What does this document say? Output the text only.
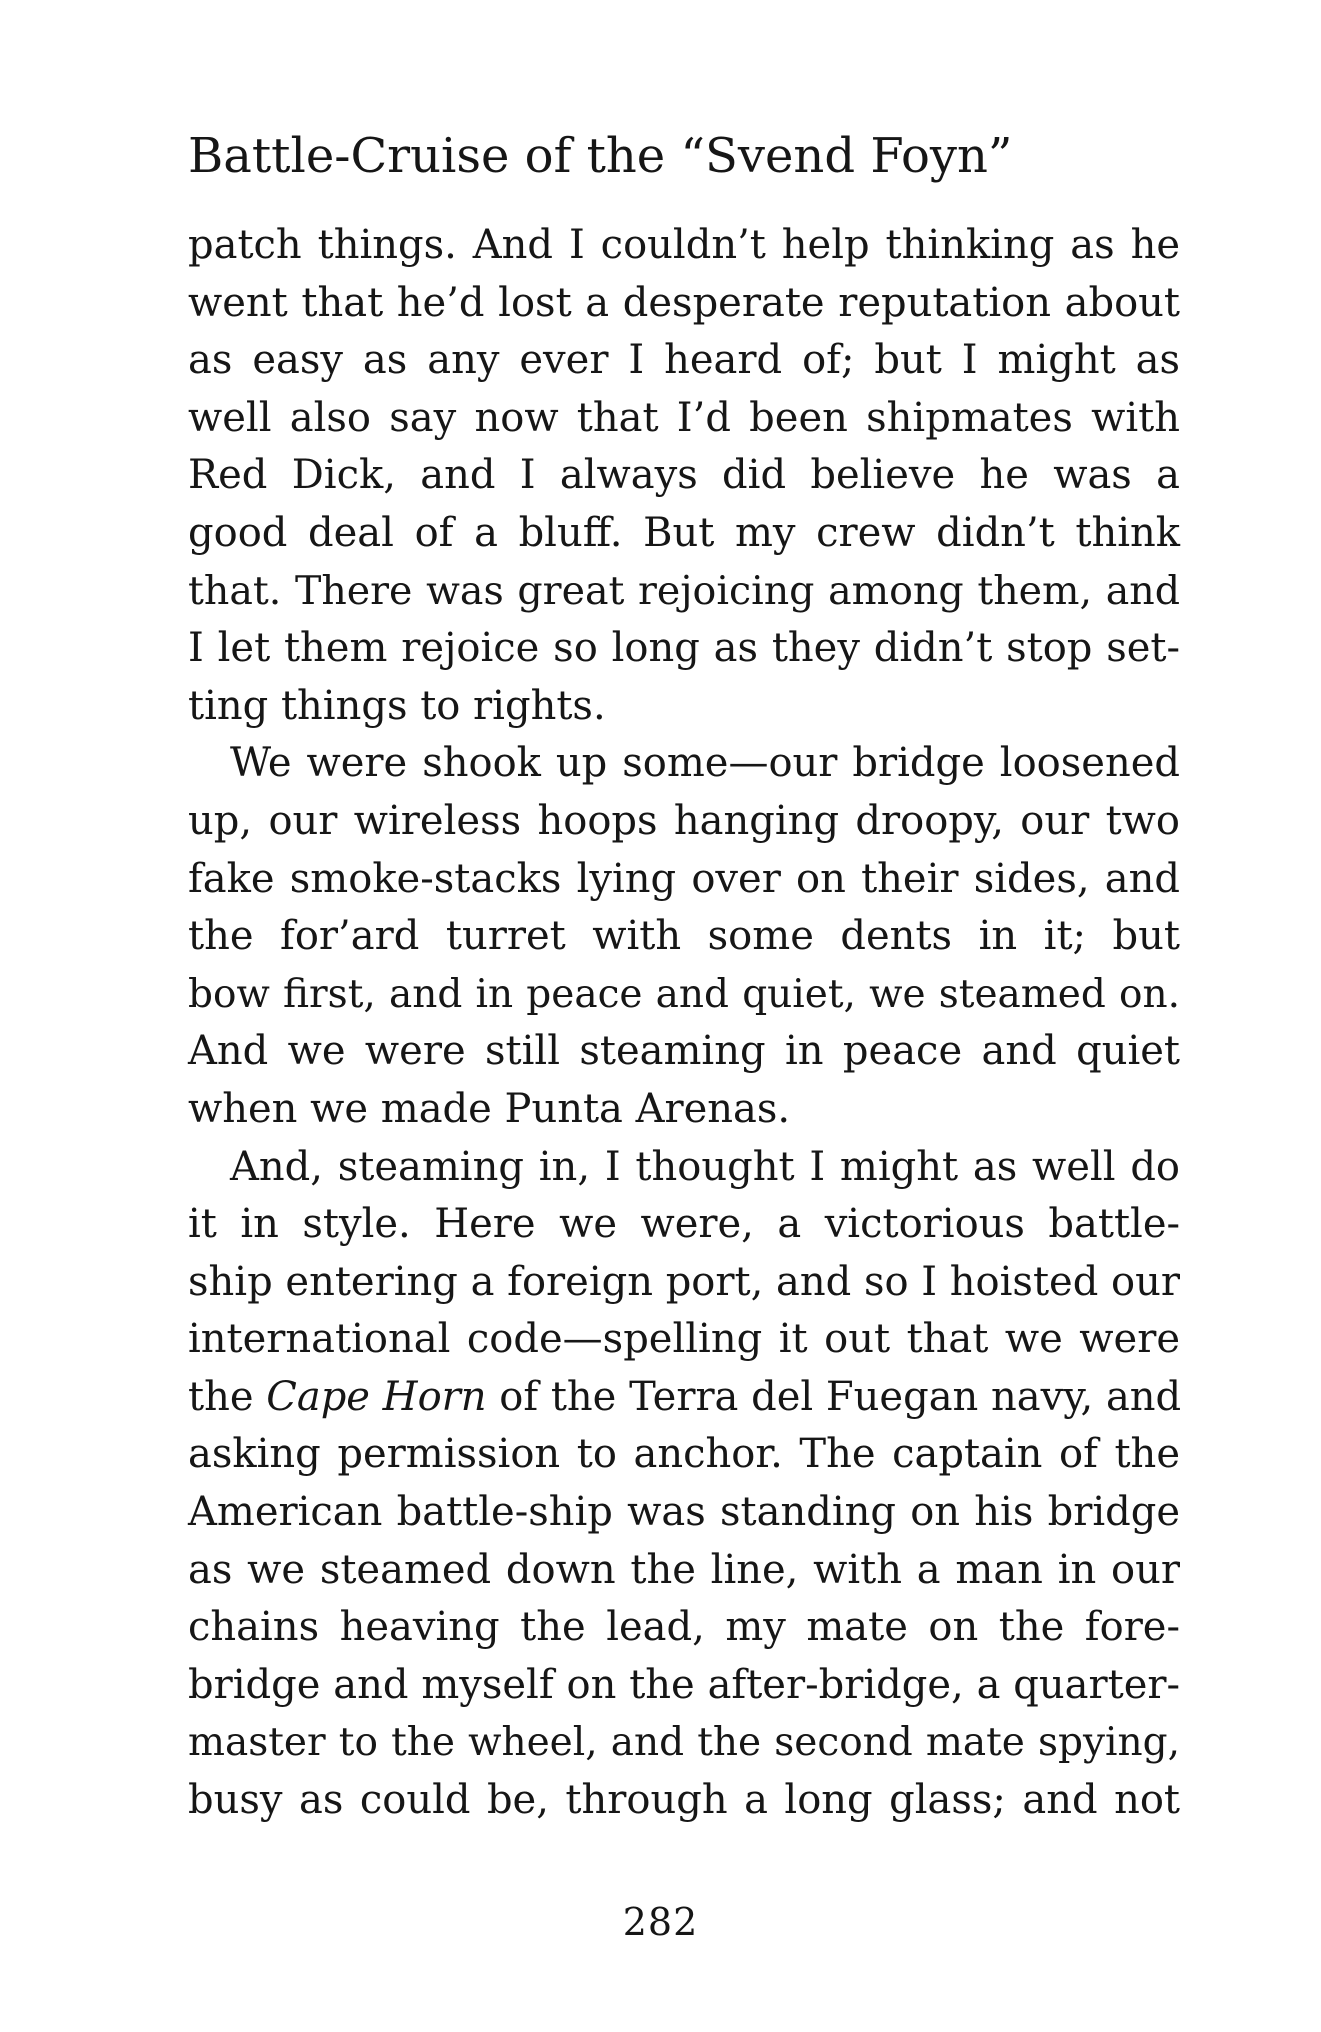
Battle-Cruise of the “Svend Foyn”

patch things. And I couldn’t help thinking as he
went that he’d lost a desperate reputation about
as easy as any ever I heard of; but I might as
well also say now that I’d been shipmates with
Red Dick, and I always did believe he was a
good deal of a bluff. But my crew didn’t think
that. There was great rejoicing among them, and
I let them rejoice so long as they didn’t stop set-
ting things to rights.

We were shook up some—our bridge loosened
up, our wireless hoops hanging droopy, our two
fake smoke-stacks lying over on their sides, and
the for’ard turret with some dents in it; but
bow first, and in peace and quiet, we steamed on.
And we were still steaming in peace and quiet
when we made Punta Arenas.

And, steaming in, I thought I might as well do
it in style. Here we were, a victorious battle-
ship entering a foreign port, and so I hoisted our
international code—spelling it out that we were
the Cape Horn of the Terra del Fuegan navy, and
asking permission to anchor. The captain of the
American battle-ship was standing on his bridge
as we steamed down the line, with a man in our
chains heaving the lead, my mate on the fore-
bridge and myself on the after-bridge, a quarter-
master to the wheel, and the second mate spying,
busy as could be, through a long glass; and not

282
